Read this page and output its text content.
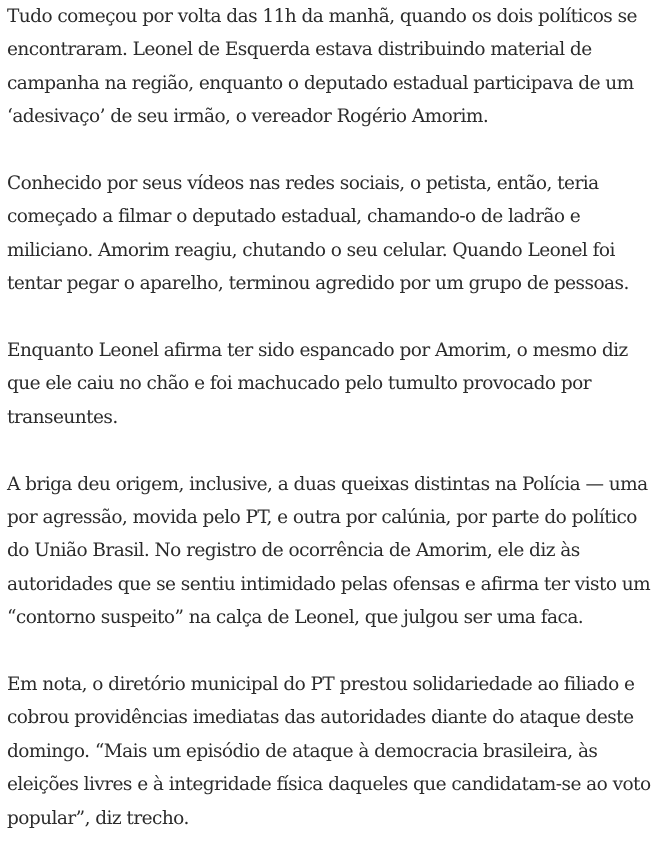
Tudo começou por volta das 11h da manhã, quando os dois políticos se
encontraram. Leonel de Esquerda estava distribuindo material de
campanha na região, enquanto o deputado estadual participava de um
‘adesivaço’ de seu irmão, o vereador Rogério Amorim.

Conhecido por seus vídeos nas redes sociais, o petista, então, teria
começado a filmar o deputado estadual, chamando-o de ladrão e
miliciano. Amorim reagiu, chutando o seu celular. Quando Leonel foi
tentar pegar o aparelho, terminou agredido por um grupo de pessoas.

Enquanto Leonel afirma ter sido espancado por Amorim, o mesmo diz
que ele caiu no chão e foi machucado pelo tumulto provocado por
transeuntes.

A briga deu origem, inclusive, a duas queixas distintas na Polícia — uma
por agressão, movida pelo PT, e outra por calúnia, por parte do político
do União Brasil. No registro de ocorrência de Amorim, ele diz às
autoridades que se sentiu intimidado pelas ofensas e afirma ter visto um
“contorno suspeito” na calça de Leonel, que julgou ser uma faca.

Em nota, o diretório municipal do PT prestou solidariedade ao filiado e
cobrou providências imediatas das autoridades diante do ataque deste
domingo. “Mais um episódio de ataque à democracia brasileira, às
eleições livres e à integridade física daqueles que candidatam-se ao voto
popular”, diz trecho.
